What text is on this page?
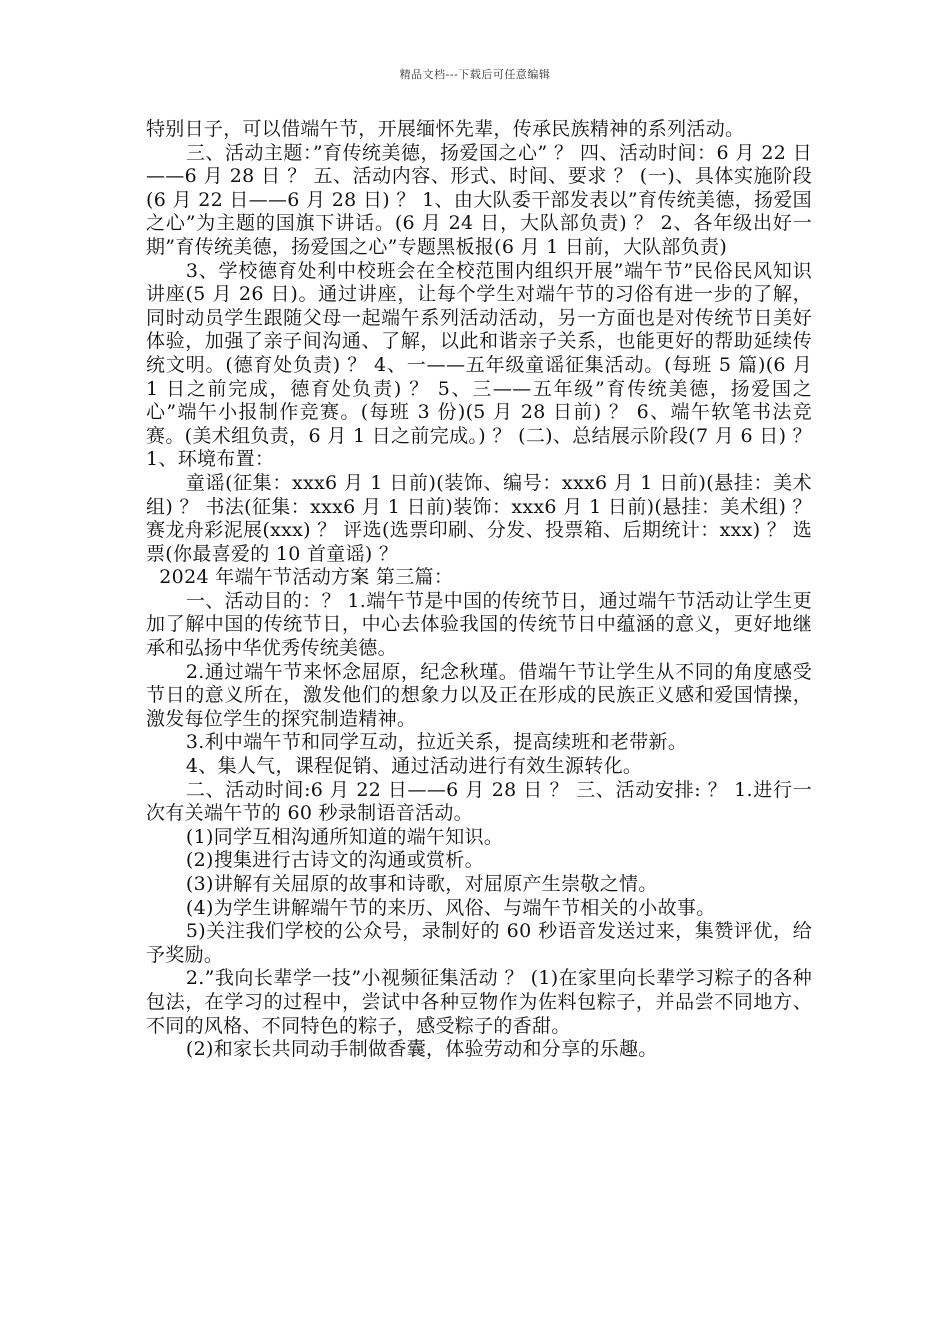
精品文档---下载后可任意编辑

特别日子，可以借端午节，开展缅怀先辈，传承民族精神的系列活动。

三、活动主题：”育传统美德，扬爱国之心” ？ 四、活动时间：6 月 22 日——6 月 28 日 ？ 五、活动内容、形式、时间、要求 ？ (一)、具体实施阶段(6 月 22 日——6 月 28 日) ？ 1、由大队委干部发表以”育传统美德，扬爱国之心”为主题的国旗下讲话。(6 月 24 日，大队部负责) ？ 2、各年级出好一期”育传统美德，扬爱国之心”专题黑板报(6 月 1 日前，大队部负责)

3、学校德育处利中校班会在全校范围内组织开展”端午节”民俗民风知识讲座(5 月 26 日)。通过讲座，让每个学生对端午节的习俗有进一步的了解，同时动员学生跟随父母一起端午系列活动活动，另一方面也是对传统节日美好体验，加强了亲子间沟通、了解，以此和谐亲子关系，也能更好的帮助延续传统文明。(德育处负责) ？ 4、一——五年级童谣征集活动。(每班 5 篇)(6 月 1 日之前完成，德育处负责) ？ 5、三——五年级”育传统美德，扬爱国之心”端午小报制作竞赛。(每班 3 份)(5 月 28 日前) ？ 6、端午软笔书法竞赛。(美术组负责，6 月 1 日之前完成。) ？ (二)、总结展示阶段(7 月 6 日) ？ 1、环境布置：

童谣(征集：xxx6 月 1 日前)(装饰、编号：xxx6 月 1 日前)(悬挂：美术组) ？ 书法(征集：xxx6 月 1 日前)装饰：xxx6 月 1 日前)(悬挂：美术组) ？ 赛龙舟彩泥展(xxx) ？ 评选(选票印刷、分发、投票箱、后期统计：xxx) ？ 选票(你最喜爱的 10 首童谣) ？

2024 年端午节活动方案 第三篇：

一、活动目的：？ 1.端午节是中国的传统节日，通过端午节活动让学生更加了解中国的传统节日，中心去体验我国的传统节日中蕴涵的意义，更好地继承和弘扬中华优秀传统美德。

2.通过端午节来怀念屈原，纪念秋瑾。借端午节让学生从不同的角度感受节日的意义所在，激发他们的想象力以及正在形成的民族正义感和爱国情操，激发每位学生的探究制造精神。

3.利中端午节和同学互动，拉近关系，提高续班和老带新。

4、集人气，课程促销、通过活动进行有效生源转化。

二、活动时间:6 月 22 日——6 月 28 日 ？ 三、活动安排: ？ 1.进行一次有关端午节的 60 秒录制语音活动。

(1)同学互相沟通所知道的端午知识。

(2)搜集进行古诗文的沟通或赏析。

(3)讲解有关屈原的故事和诗歌，对屈原产生崇敬之情。

(4)为学生讲解端午节的来历、风俗、与端午节相关的小故事。

5)关注我们学校的公众号，录制好的 60 秒语音发送过来，集赞评优，给予奖励。

2.”我向长辈学一技”小视频征集活动 ？ (1)在家里向长辈学习粽子的各种包法，在学习的过程中，尝试中各种豆物作为佐料包粽子，并品尝不同地方、不同的风格、不同特色的粽子，感受粽子的香甜。

(2)和家长共同动手制做香囊，体验劳动和分享的乐趣。
